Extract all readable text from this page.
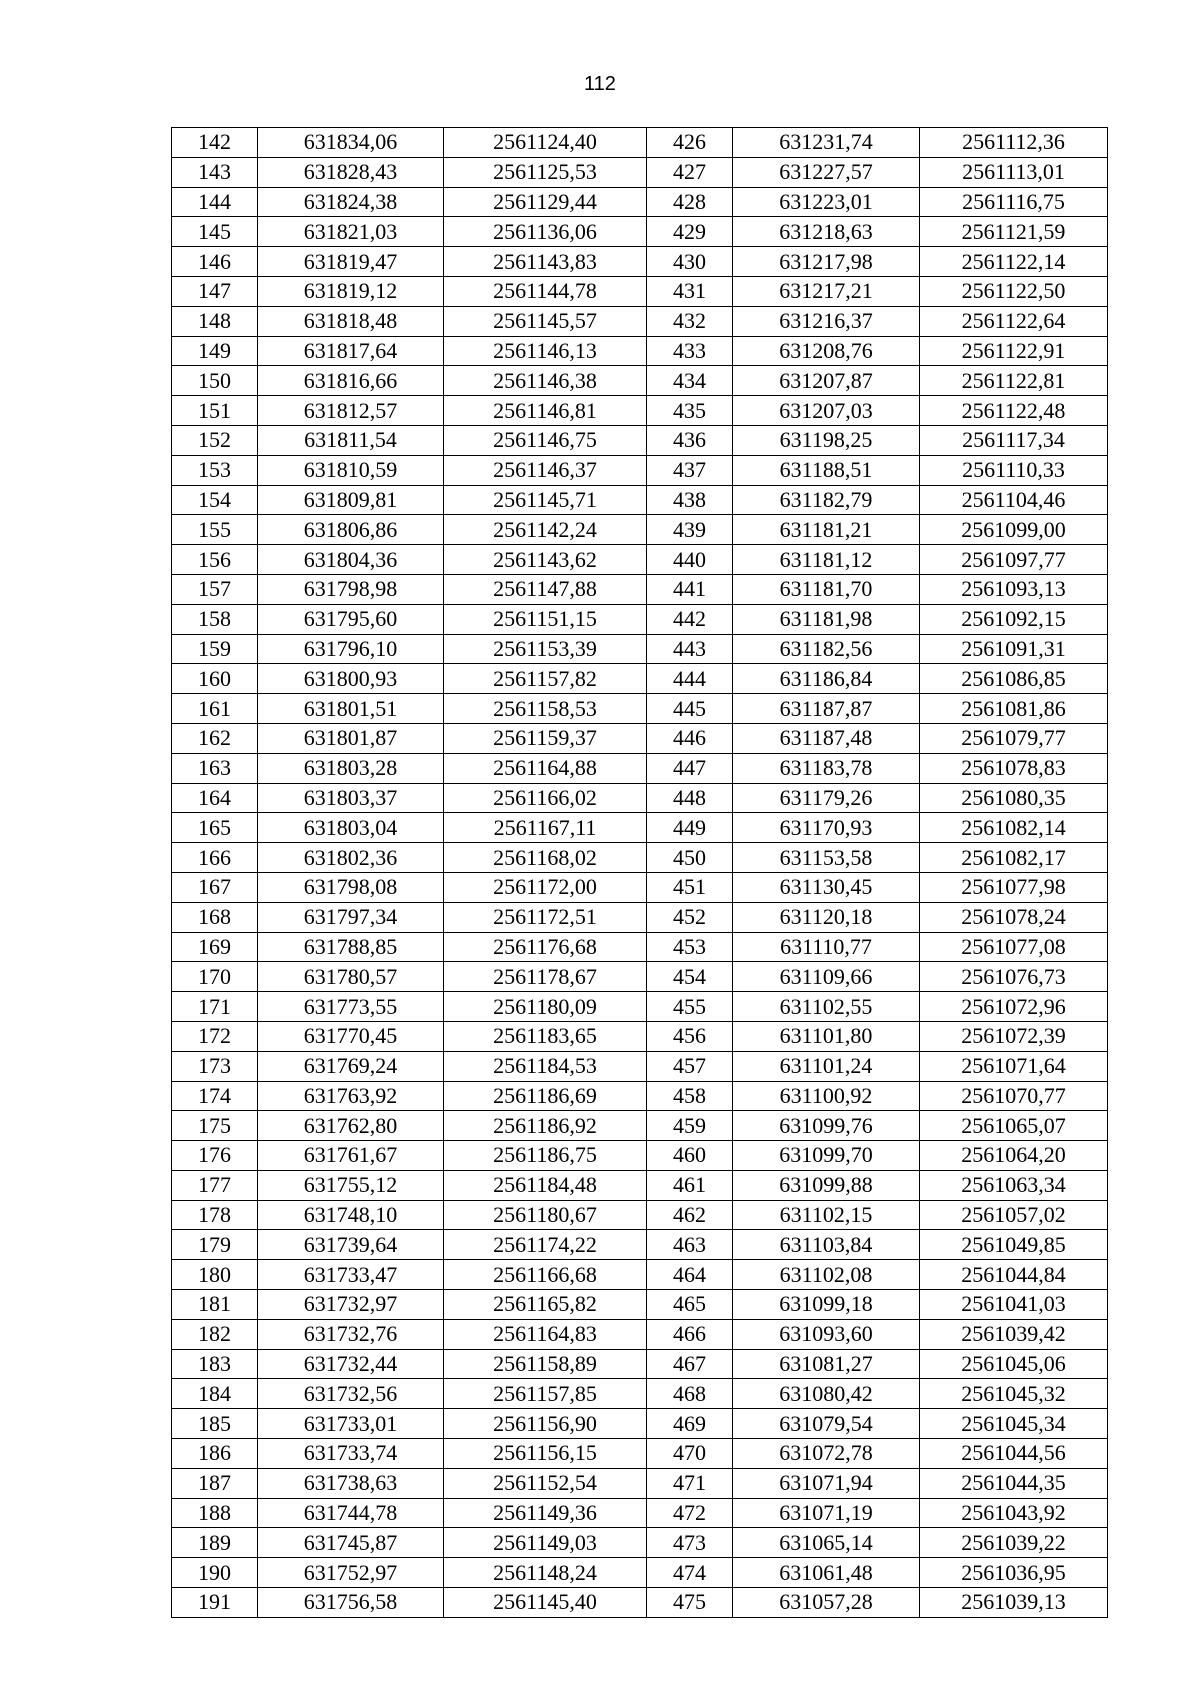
112
142	631834,06	2561124,40	426	631231,74	2561112,36
143	631828,43	2561125,53	427	631227,57	2561113,01
144	631824,38	2561129,44	428	631223,01	2561116,75
145	631821,03	2561136,06	429	631218,63	2561121,59
146	631819,47	2561143,83	430	631217,98	2561122,14
147	631819,12	2561144,78	431	631217,21	2561122,50
148	631818,48	2561145,57	432	631216,37	2561122,64
149	631817,64	2561146,13	433	631208,76	2561122,91
150	631816,66	2561146,38	434	631207,87	2561122,81
151	631812,57	2561146,81	435	631207,03	2561122,48
152	631811,54	2561146,75	436	631198,25	2561117,34
153	631810,59	2561146,37	437	631188,51	2561110,33
154	631809,81	2561145,71	438	631182,79	2561104,46
155	631806,86	2561142,24	439	631181,21	2561099,00
156	631804,36	2561143,62	440	631181,12	2561097,77
157	631798,98	2561147,88	441	631181,70	2561093,13
158	631795,60	2561151,15	442	631181,98	2561092,15
159	631796,10	2561153,39	443	631182,56	2561091,31
160	631800,93	2561157,82	444	631186,84	2561086,85
161	631801,51	2561158,53	445	631187,87	2561081,86
162	631801,87	2561159,37	446	631187,48	2561079,77
163	631803,28	2561164,88	447	631183,78	2561078,83
164	631803,37	2561166,02	448	631179,26	2561080,35
165	631803,04	2561167,11	449	631170,93	2561082,14
166	631802,36	2561168,02	450	631153,58	2561082,17
167	631798,08	2561172,00	451	631130,45	2561077,98
168	631797,34	2561172,51	452	631120,18	2561078,24
169	631788,85	2561176,68	453	631110,77	2561077,08
170	631780,57	2561178,67	454	631109,66	2561076,73
171	631773,55	2561180,09	455	631102,55	2561072,96
172	631770,45	2561183,65	456	631101,80	2561072,39
173	631769,24	2561184,53	457	631101,24	2561071,64
174	631763,92	2561186,69	458	631100,92	2561070,77
175	631762,80	2561186,92	459	631099,76	2561065,07
176	631761,67	2561186,75	460	631099,70	2561064,20
177	631755,12	2561184,48	461	631099,88	2561063,34
178	631748,10	2561180,67	462	631102,15	2561057,02
179	631739,64	2561174,22	463	631103,84	2561049,85
180	631733,47	2561166,68	464	631102,08	2561044,84
181	631732,97	2561165,82	465	631099,18	2561041,03
182	631732,76	2561164,83	466	631093,60	2561039,42
183	631732,44	2561158,89	467	631081,27	2561045,06
184	631732,56	2561157,85	468	631080,42	2561045,32
185	631733,01	2561156,90	469	631079,54	2561045,34
186	631733,74	2561156,15	470	631072,78	2561044,56
187	631738,63	2561152,54	471	631071,94	2561044,35
188	631744,78	2561149,36	472	631071,19	2561043,92
189	631745,87	2561149,03	473	631065,14	2561039,22
190	631752,97	2561148,24	474	631061,48	2561036,95
191	631756,58	2561145,40	475	631057,28	2561039,13
